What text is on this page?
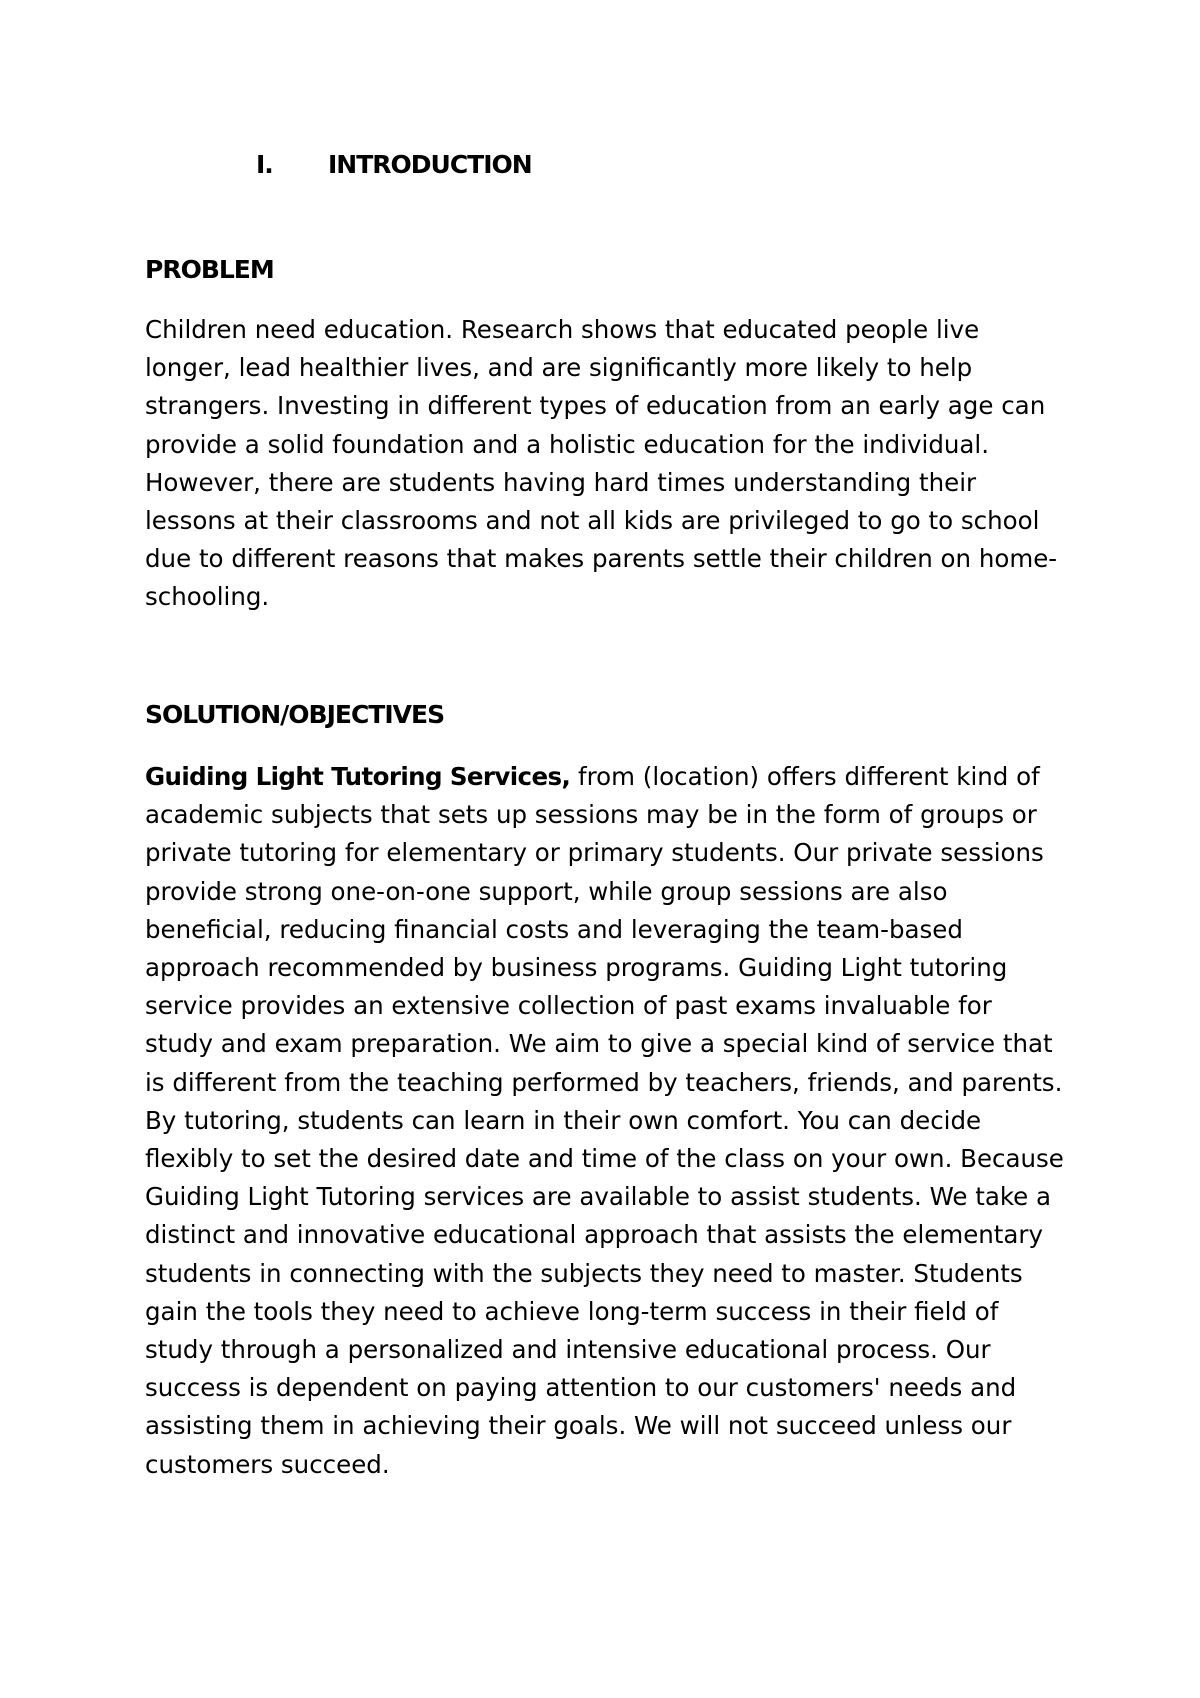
I. INTRODUCTION
PROBLEM

Children need education. Research shows that educated people live longer, lead healthier lives, and are significantly more likely to help strangers. Investing in different types of education from an early age can provide a solid foundation and a holistic education for the individual. However, there are students having hard times understanding their lessons at their classrooms and not all kids are privileged to go to school due to different reasons that makes parents settle their children on home-schooling.

SOLUTION/OBJECTIVES

Guiding Light Tutoring Services, from (location) offers different kind of academic subjects that sets up sessions may be in the form of groups or private tutoring for elementary or primary students. Our private sessions provide strong one-on-one support, while group sessions are also beneficial, reducing financial costs and leveraging the team-based approach recommended by business programs. Guiding Light tutoring service provides an extensive collection of past exams invaluable for study and exam preparation. We aim to give a special kind of service that is different from the teaching performed by teachers, friends, and parents. By tutoring, students can learn in their own comfort. You can decide flexibly to set the desired date and time of the class on your own. Because Guiding Light Tutoring services are available to assist students. We take a distinct and innovative educational approach that assists the elementary students in connecting with the subjects they need to master. Students gain the tools they need to achieve long-term success in their field of study through a personalized and intensive educational process. Our success is dependent on paying attention to our customers' needs and assisting them in achieving their goals. We will not succeed unless our customers succeed.
